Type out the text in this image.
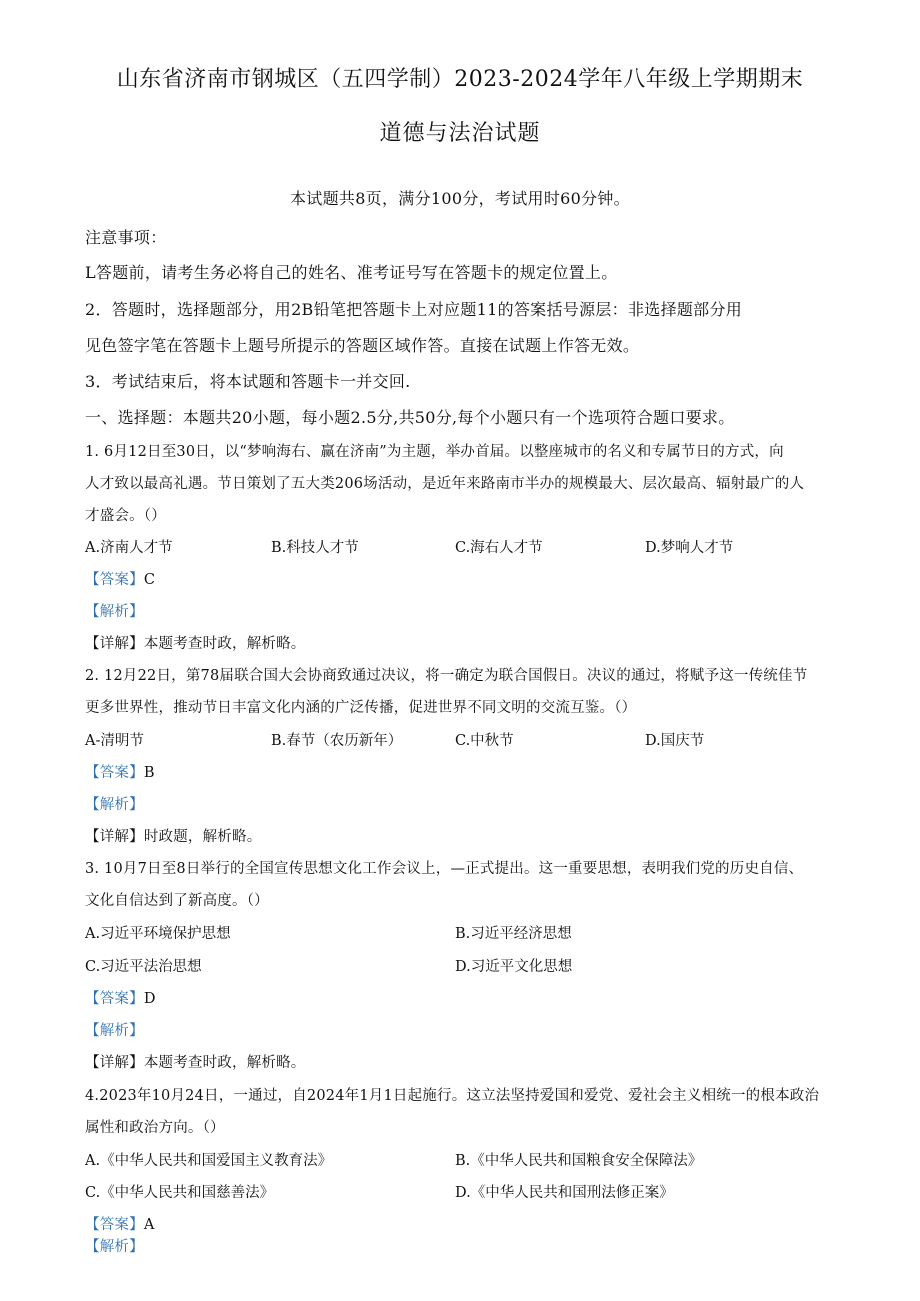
山东省济南市钢城区（五四学制）2023-2024学年八年级上学期期末
道德与法治试题
本试题共8页，满分100分，考试用时60分钟。
注意事项：
L答题前，请考生务必将自己的姓名、准考证号写在答题卡的规定位置上。
2．答题时，选择题部分，用2B铅笔把答题卡上对应题11的答案括号源层：非选择题部分用
见色签字笔在答题卡上题号所提示的答题区域作答。直接在试题上作答无效。
3．考试结束后，将本试题和答题卡一并交回.
一、选择题：本题共20小题，每小题2.5分,共50分,每个小题只有一个选项符合题口要求。
1. 6月12日至30日，以“梦响海右、赢在济南”为主题，举办首届。以整座城市的名义和专属节日的方式，向
人才致以最高礼遇。节日策划了五大类206场活动，是近年来路南市半办的规模最大、层次最高、辐射最广的人
才盛会。（）
A.济南人才节	B.科技人才节	C.海右人才节	D.梦响人才节
【答案】C
【解析】
【详解】本题考查时政，解析略。
2. 12月22日，第78届联合国大会协商致通过决议，将一确定为联合国假日。决议的通过，将赋予这一传统佳节
更多世界性，推动节日丰富文化内涵的广泛传播，促进世界不同文明的交流互鉴。（）
A-清明节	B.春节（农历新年）	C.中秋节	D.国庆节
【答案】B
【解析】
【详解】时政题，解析略。
3. 10月7日至8日举行的全国宣传思想文化工作会议上，—正式提出。这一重要思想，表明我们党的历史自信、
文化自信达到了新高度。（）
A.习近平环境保护思想	B.习近平经济思想
C.习近平法治思想	D.习近平文化思想
【答案】D
【解析】
【详解】本题考查时政，解析略。
4.2023年10月24日，一通过，自2024年1月1日起施行。这立法坚持爱国和爱党、爱社会主义相统一的根本政治
属性和政治方向。（）
A.《中华人民共和国爱国主义教育法》	B.《中华人民共和国粮食安全保障法》
C.《中华人民共和国慈善法》	D.《中华人民共和国刑法修正案》
【答案】A
【解析】
